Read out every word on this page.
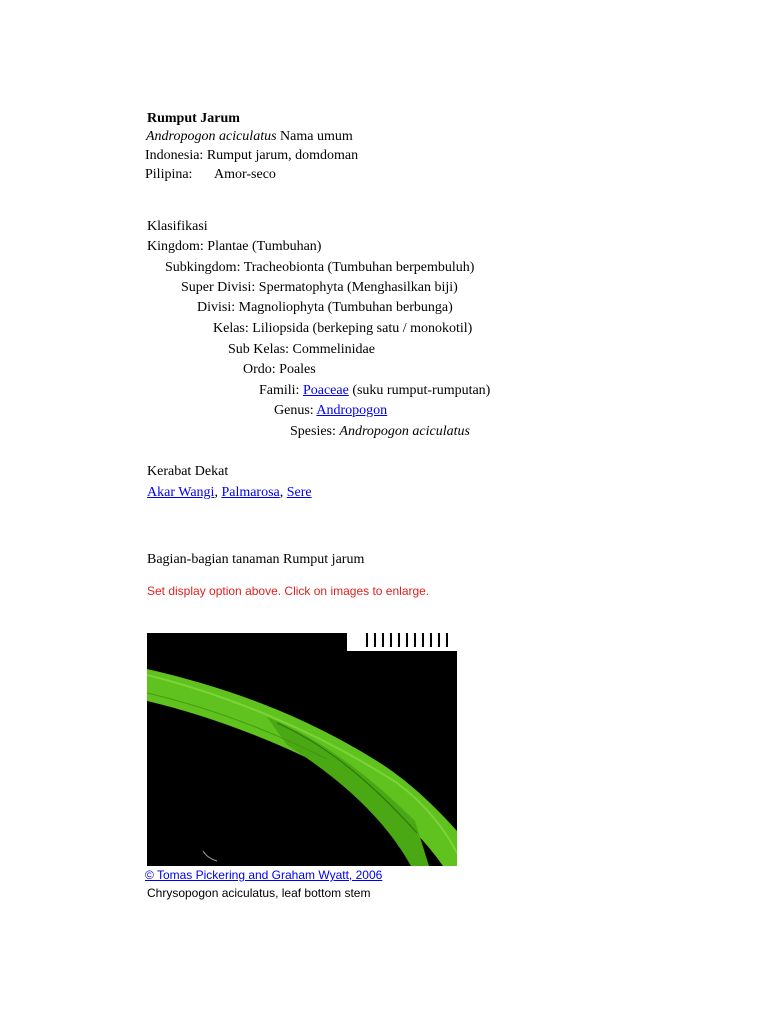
Rumput Jarum
Andropogon aciculatus Nama umum
Indonesia: Rumput jarum, domdoman
Pilipina: Amor-seco
Klasifikasi
Kingdom: Plantae (Tumbuhan)
Subkingdom: Tracheobionta (Tumbuhan berpembuluh)
Super Divisi: Spermatophyta (Menghasilkan biji)
Divisi: Magnoliophyta (Tumbuhan berbunga)
Kelas: Liliopsida (berkeping satu / monokotil)
Sub Kelas: Commelinidae
Ordo: Poales
Famili: Poaceae (suku rumput-rumputan)
Genus: Andropogon
Spesies: Andropogon aciculatus
Kerabat Dekat
Akar Wangi, Palmarosa, Sere
Bagian-bagian tanaman Rumput jarum
Set display option above. Click on images to enlarge.
© Tomas Pickering and Graham Wyatt, 2006
Chrysopogon aciculatus, leaf bottom stem
